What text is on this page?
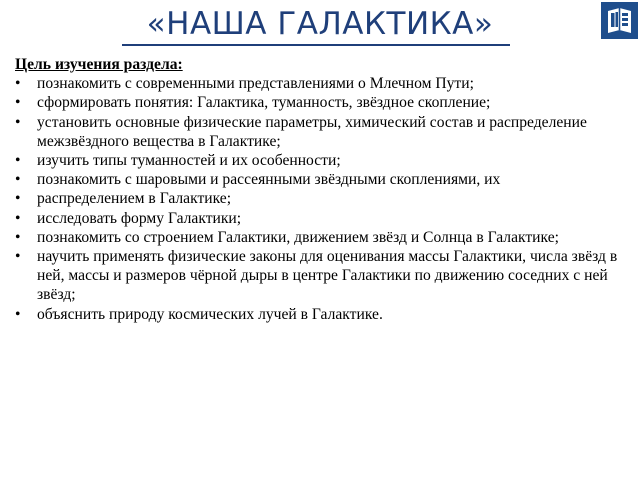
«НАША ГАЛАКТИКА»

Цель изучения раздела:

•	познакомить с современными представлениями о Млечном Пути;
•	сформировать понятия: Галактика, туманность, звёздное скопление;
•	установить основные физические параметры, химический состав и распределение межзвёздного вещества в Галактике;
•	изучить типы туманностей и их особенности;
•	познакомить с шаровыми и рассеянными звёздными скоплениями, их
•	распределением в Галактике;
•	исследовать форму Галактики;
•	познакомить со строением Галактики, движением звёзд и Солнца в Галактике;
•	научить применять физические законы для оценивания массы Галактики, числа звёзд в ней, массы и размеров чёрной дыры в центре Галактики по движению соседних с ней звёзд;
•	объяснить природу космических лучей в Галактике.
